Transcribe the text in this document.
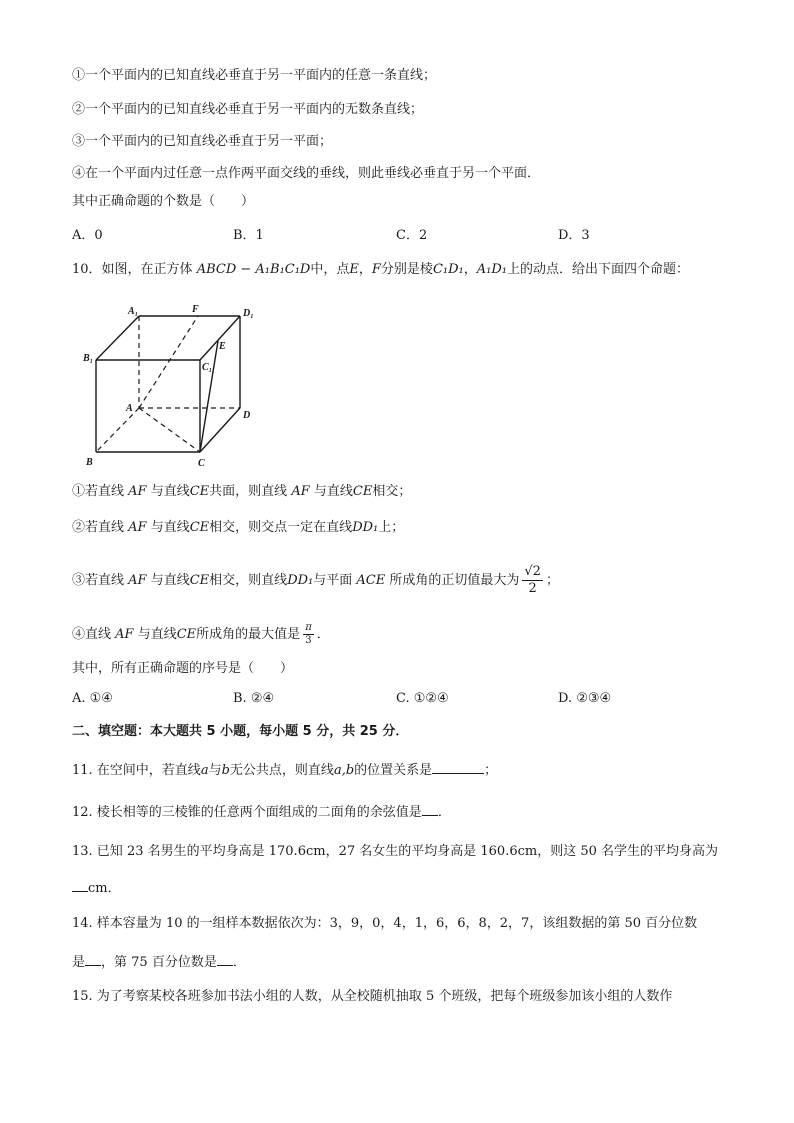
①一个平面内的已知直线必垂直于另一平面内的任意一条直线；
②一个平面内的已知直线必垂直于另一平面内的无数条直线；
③一个平面内的已知直线必垂直于另一平面；
④在一个平面内过任意一点作两平面交线的垂线，则此垂线必垂直于另一个平面．
其中正确命题的个数是（　　）
A．0	B．1	C．2	D．3
10．如图，在正方体 ABCD − A₁B₁C₁D中，点E，F分别是棱C₁D₁，A₁D₁上的动点．给出下面四个命题：
A₁	F	D₁
B₁
E
C₁
A
D
B	C
①若直线 AF 与直线CE共面，则直线 AF 与直线CE相交；
②若直线 AF 与直线CE相交，则交点一定在直线DD₁上；
③若直线 AF 与直线CE相交，则直线DD₁与平面 ACE 所成角的正切值最大为 $\frac{√2}{2}$ ；
④直线 AF 与直线CE所成角的最大值是 $\frac{\pi}{3}$ ．
其中，所有正确命题的序号是（　　）
A. ①④	B. ②④	C. ①②④	D. ②③④
二、填空题：本大题共 5 小题，每小题 5 分，共 25 分．
11. 在空间中，若直线a与b无公共点，则直线a,b的位置关系是	；
12. 棱长相等的三棱锥的任意两个面组成的二面角的余弦值是 ．
13. 已知 23 名男生的平均身高是 170.6cm，27 名女生的平均身高是 160.6cm，则这 50 名学生的平均身高为
cm．
14. 样本容量为 10 的一组样本数据依次为：3，9，0，4，1，6，6，8，2，7，该组数据的第 50 百分位数
是 ，第 75 百分位数是 ．
15. 为了考察某校各班参加书法小组的人数，从全校随机抽取 5 个班级，把每个班级参加该小组的人数作
